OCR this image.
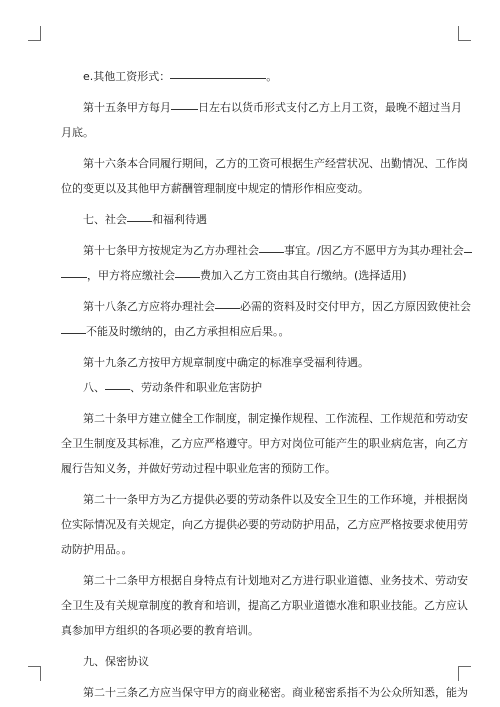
e.其他工资形式：	。
第十五条甲方每月 日左右以货币形式支付乙方上月工资，最晚不超过当月
月底。
第十六条本合同履行期间，乙方的工资可根据生产经营状况、出勤情况、工作岗
位的变更以及其他甲方薪酬管理制度中规定的情形作相应变动。
七、社会 和福利待遇
第十七条甲方按规定为乙方办理社会 事宜。/因乙方不愿甲方为其办理社会
，甲方将应缴社会 费加入乙方工资由其自行缴纳。(选择适用)
第十八条乙方应将办理社会 必需的资料及时交付甲方，因乙方原因致使社会
不能及时缴纳的，由乙方承担相应后果。。
第十九条乙方按甲方规章制度中确定的标准享受福利待遇。
八、 、劳动条件和职业危害防护
第二十条甲方建立健全工作制度，制定操作规程、工作流程、工作规范和劳动安
全卫生制度及其标准，乙方应严格遵守。甲方对岗位可能产生的职业病危害，向乙方
履行告知义务，并做好劳动过程中职业危害的预防工作。
第二十一条甲方为乙方提供必要的劳动条件以及安全卫生的工作环境，并根据岗
位实际情况及有关规定，向乙方提供必要的劳动防护用品，乙方应严格按要求使用劳
动防护用品。。
第二十二条甲方根据自身特点有计划地对乙方进行职业道德、业务技术、劳动安
全卫生及有关规章制度的教育和培训，提高乙方职业道德水准和职业技能。乙方应认
真参加甲方组织的各项必要的教育培训。
九、保密协议
第二十三条乙方应当保守甲方的商业秘密。商业秘密系指不为公众所知悉，能为
